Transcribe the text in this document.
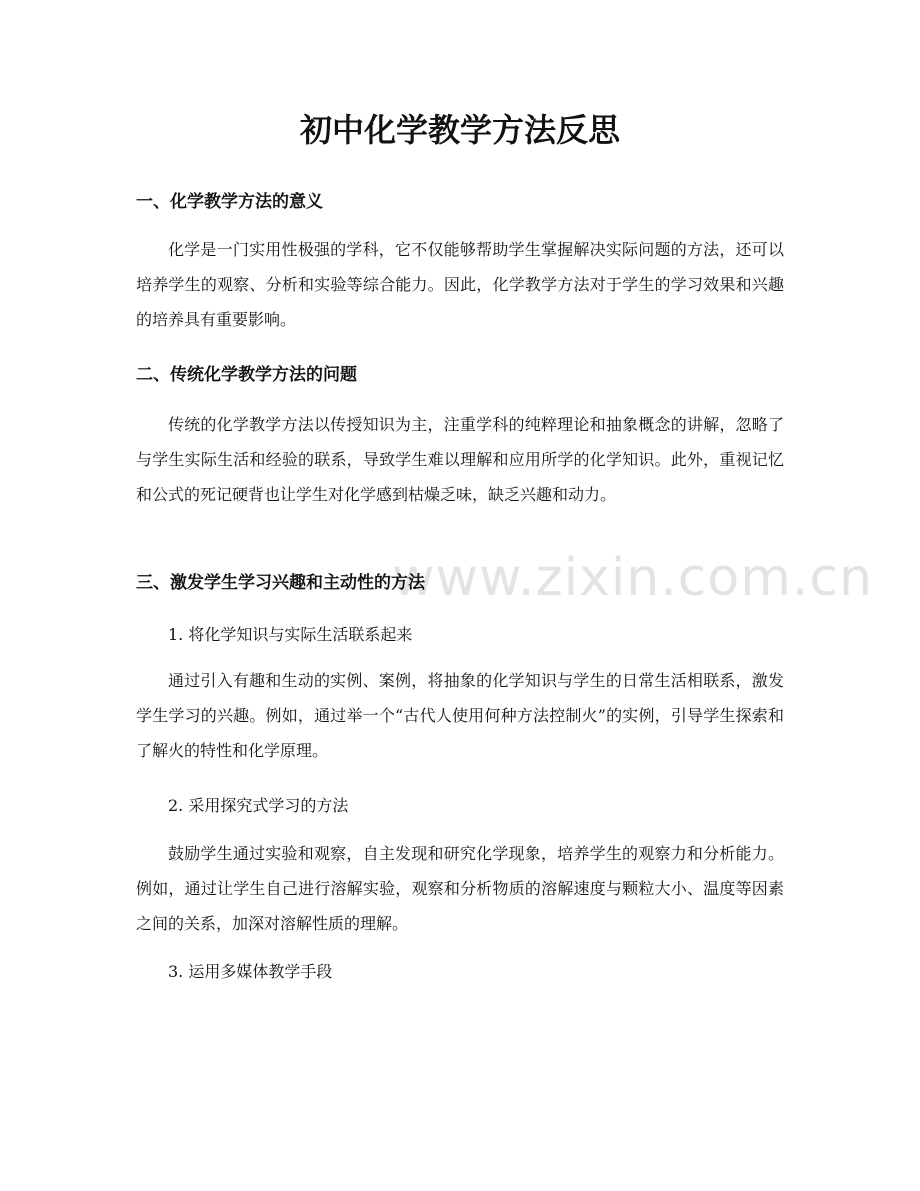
www.zixin.com.cn
初中化学教学方法反思
一、化学教学方法的意义

化学是一门实用性极强的学科，它不仅能够帮助学生掌握解决实际问题的方法，还可以培养学生的观察、分析和实验等综合能力。因此，化学教学方法对于学生的学习效果和兴趣的培养具有重要影响。

二、传统化学教学方法的问题

传统的化学教学方法以传授知识为主，注重学科的纯粹理论和抽象概念的讲解，忽略了与学生实际生活和经验的联系，导致学生难以理解和应用所学的化学知识。此外，重视记忆和公式的死记硬背也让学生对化学感到枯燥乏味，缺乏兴趣和动力。

三、激发学生学习兴趣和主动性的方法

1. 将化学知识与实际生活联系起来

通过引入有趣和生动的实例、案例，将抽象的化学知识与学生的日常生活相联系，激发学生学习的兴趣。例如，通过举一个“古代人使用何种方法控制火”的实例，引导学生探索和了解火的特性和化学原理。

2. 采用探究式学习的方法

鼓励学生通过实验和观察，自主发现和研究化学现象，培养学生的观察力和分析能力。例如，通过让学生自己进行溶解实验，观察和分析物质的溶解速度与颗粒大小、温度等因素之间的关系，加深对溶解性质的理解。

3. 运用多媒体教学手段
